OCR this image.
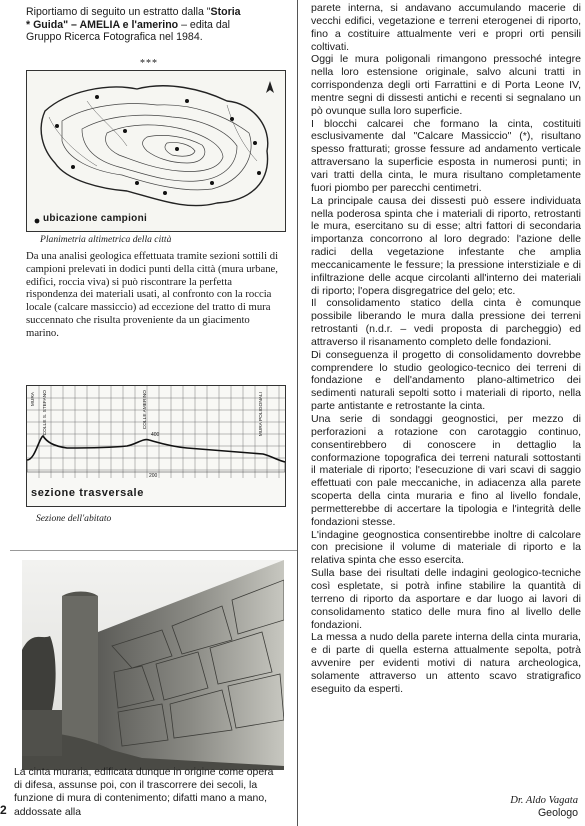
Riportiamo di seguito un estratto dalla "Storia
* Guida" – AMELIA e l'amerino – edita dal
Gruppo Ricerca Fotografica nel 1984.
***
ubicazione campioni
Planimetria altimetrica della città
Da una analisi geologica effettuata tramite sezioni sottili di campioni prelevati in dodici punti della città (mura urbane, edifici, roccia viva) si può riscontrare la perfetta rispondenza dei materiali usati, al confronto con la roccia locale (calcare massiccio) ad eccezione del tratto di mura succennato che risulta proveniente da un giacimento marino.
MURA COLLE S. STEFANO	COLLE AMERINO	MURA POLIGONALI
400
200
sezione trasversale
Sezione dell'abitato
La cinta muraria, edificata dunque in origine come opera di difesa, assunse poi, con il trascorrere dei secoli, la funzione di mura di contenimento; difatti mano a mano, addossate alla
2

parete interna, si andavano accumulando macerie di vecchi edifici, vegetazione e terreni eterogenei di riporto, fino a costituire attualmente veri e propri orti pensili coltivati.

Oggi le mura poligonali rimangono pressoché integre nella loro estensione originale, salvo alcuni tratti in corrispondenza degli orti Farrattini e di Porta Leone IV, mentre segni di dissesti antichi e recenti si segnalano un pò ovunque sulla loro superficie.

I blocchi calcarei che formano la cinta, costituiti esclusivamente dal "Calcare Massiccio" (*), risultano spesso fratturati; grosse fessure ad andamento verticale attraversano la superficie esposta in numerosi punti; in vari tratti della cinta, le mura risultano completamente fuori piombo per parecchi centimetri.

La principale causa dei dissesti può essere individuata nella poderosa spinta che i materiali di riporto, retrostanti le mura, esercitano su di esse; altri fattori di secondaria importanza concorrono al loro degrado: l'azione delle radici della vegetazione infestante che amplia meccanicamente le fessure; la pressione interstiziale e di infiltrazione delle acque circolanti all'interno dei materiali di riporto; l'opera disgregatrice del gelo; etc.

Il consolidamento statico della cinta è comunque possibile liberando le mura dalla pressione dei terreni retrostanti (n.d.r. – vedi proposta di parcheggio) ed attraverso il risanamento completo delle fondazioni.

Di conseguenza il progetto di consolidamento dovrebbe comprendere lo studio geologico-tecnico dei terreni di fondazione e dell'andamento plano-altimetrico dei sedimenti naturali sepolti sotto i materiali di riporto, nella parte antistante e retrostante la cinta.

Una serie di sondaggi geognostici, per mezzo di perforazioni a rotazione con carotaggio continuo, consentirebbero di conoscere in dettaglio la conformazione topografica dei terreni naturali sottostanti il materiale di riporto; l'esecuzione di vari scavi di saggio effettuati con pale meccaniche, in adiacenza alla parete scoperta della cinta muraria e fino al livello fondale, permetterebbe di accertare la tipologia e l'integrità delle fondazioni stesse.

L'indagine geognostica consentirebbe inoltre di calcolare con precisione il volume di materiale di riporto e la relativa spinta che esso esercita.

Sulla base dei risultati delle indagini geologico-tecniche così espletate, si potrà infine stabilire la quantità di terreno di riporto da asportare e dar luogo ai lavori di consolidamento statico delle mura fino al livello delle fondazioni.

La messa a nudo della parete interna della cinta muraria, e di parte di quella esterna attualmente sepolta, potrà avvenire per evidenti motivi di natura archeologica, solamente attraverso un attento scavo stratigrafico eseguito da esperti.

Dr. Aldo Vagata
Geologo
